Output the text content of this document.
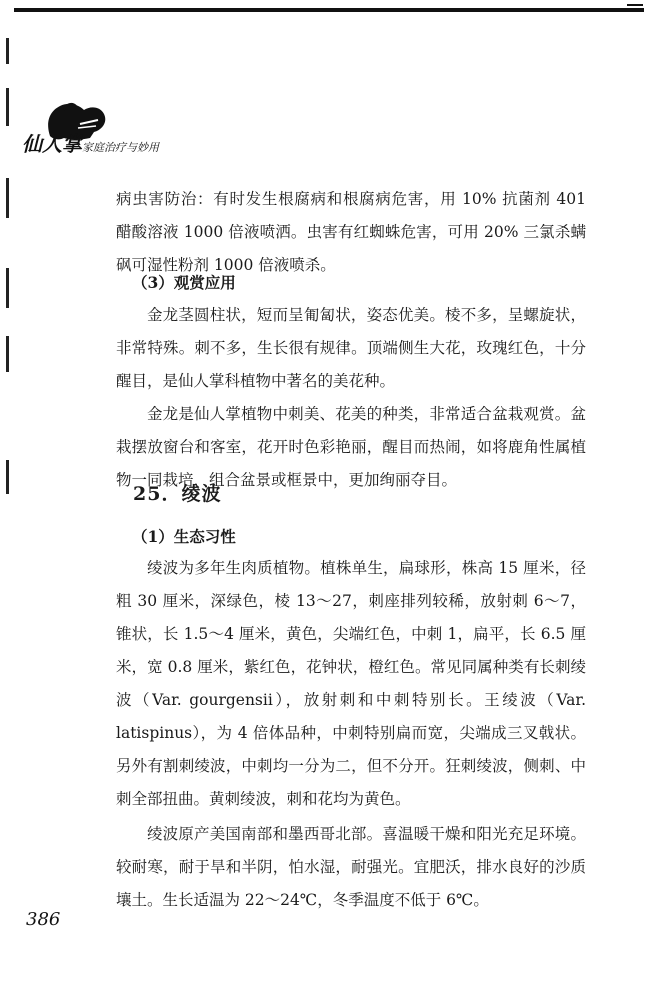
仙人掌家庭治疗与妙用

病虫害防治：有时发生根腐病和根腐病危害，用 10% 抗菌剂 401 醋酸溶液 1000 倍液喷洒。虫害有红蜘蛛危害，可用 20% 三氯杀螨砜可湿性粉剂 1000 倍液喷杀。

（3）观赏应用

金龙茎圆柱状，短而呈匍匐状，姿态优美。棱不多，呈螺旋状，非常特殊。刺不多，生长很有规律。顶端侧生大花，玫瑰红色，十分醒目，是仙人掌科植物中著名的美花种。

金龙是仙人掌植物中刺美、花美的种类，非常适合盆栽观赏。盆栽摆放窗台和客室，花开时色彩艳丽，醒目而热闹，如将鹿角性属植物一同栽培，组合盆景或框景中，更加绚丽夺目。

25．绫波
（1）生态习性

绫波为多年生肉质植物。植株单生，扁球形，株高 15 厘米，径粗 30 厘米，深绿色，棱 13～27，刺座排列较稀，放射刺 6～7，锥状，长 1.5～4 厘米，黄色，尖端红色，中刺 1，扁平，长 6.5 厘米，宽 0.8 厘米，紫红色，花钟状，橙红色。常见同属种类有长刺绫波（Var. gourgensii），放射刺和中刺特别长。王绫波（Var. latispinus），为 4 倍体品种，中刺特别扁而宽，尖端成三叉戟状。另外有割刺绫波，中刺均一分为二，但不分开。狂刺绫波，侧刺、中刺全部扭曲。黄刺绫波，刺和花均为黄色。

绫波原产美国南部和墨西哥北部。喜温暖干燥和阳光充足环境。较耐寒，耐于旱和半阴，怕水湿，耐强光。宜肥沃，排水良好的沙质壤土。生长适温为 22～24℃，冬季温度不低于 6℃。

386
